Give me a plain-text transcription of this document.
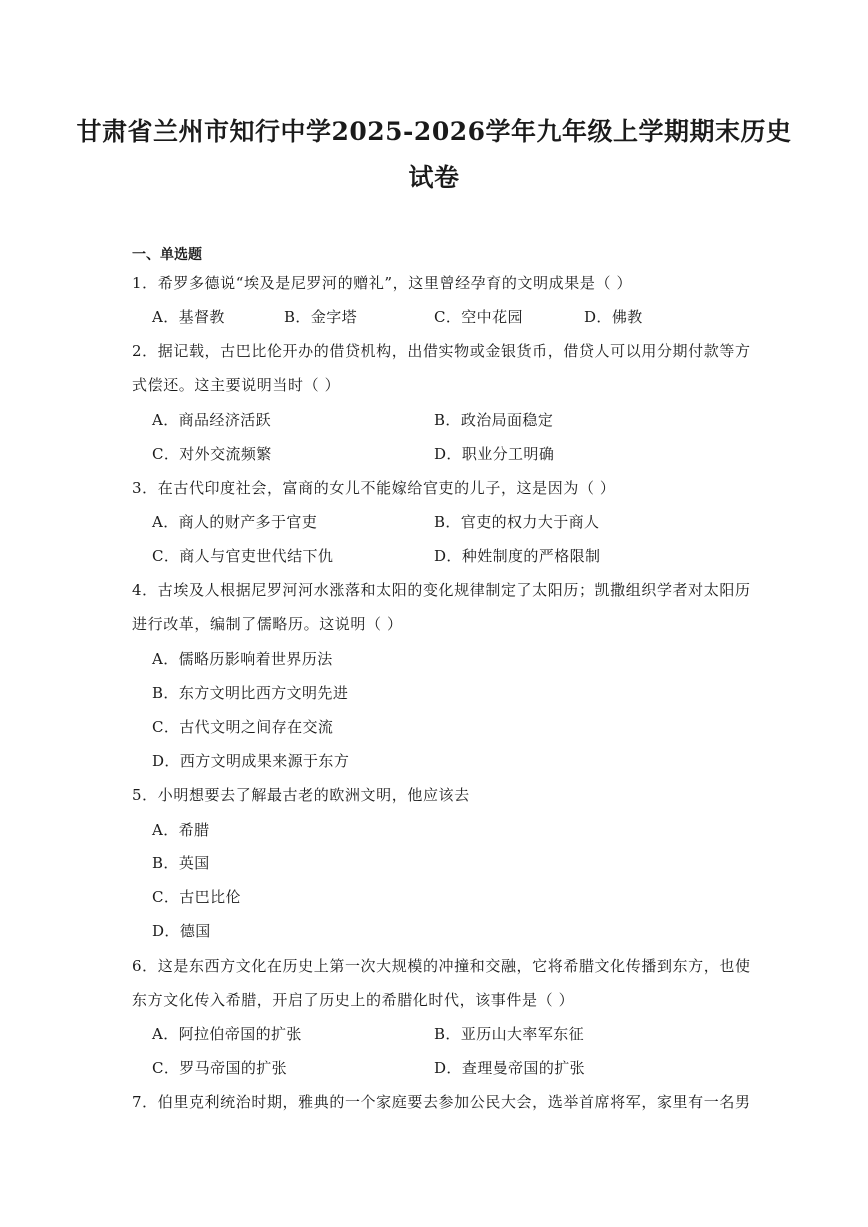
甘肃省兰州市知行中学2025-2026学年九年级上学期期末历史
试卷
一、单选题
1．希罗多德说“埃及是尼罗河的赠礼”，这里曾经孕育的文明成果是（ ）
A．基督教	B．金字塔	C．空中花园	D．佛教
2．据记载，古巴比伦开办的借贷机构，出借实物或金银货币，借贷人可以用分期付款等方
式偿还。这主要说明当时（ ）
A．商品经济活跃	B．政治局面稳定
C．对外交流频繁	D．职业分工明确
3．在古代印度社会，富商的女儿不能嫁给官吏的儿子，这是因为（ ）
A．商人的财产多于官吏	B．官吏的权力大于商人
C．商人与官吏世代结下仇	D．种姓制度的严格限制
4．古埃及人根据尼罗河河水涨落和太阳的变化规律制定了太阳历；凯撒组织学者对太阳历
进行改革，编制了儒略历。这说明（ ）
A．儒略历影响着世界历法
B．东方文明比西方文明先进
C．古代文明之间存在交流
D．西方文明成果来源于东方
5．小明想要去了解最古老的欧洲文明，他应该去
A．希腊
B．英国
C．古巴比伦
D．德国
6．这是东西方文化在历史上第一次大规模的冲撞和交融，它将希腊文化传播到东方，也使
东方文化传入希腊，开启了历史上的希腊化时代，该事件是（ ）
A．阿拉伯帝国的扩张	B．亚历山大率军东征
C．罗马帝国的扩张	D．查理曼帝国的扩张
7．伯里克利统治时期，雅典的一个家庭要去参加公民大会，选举首席将军，家里有一名男
